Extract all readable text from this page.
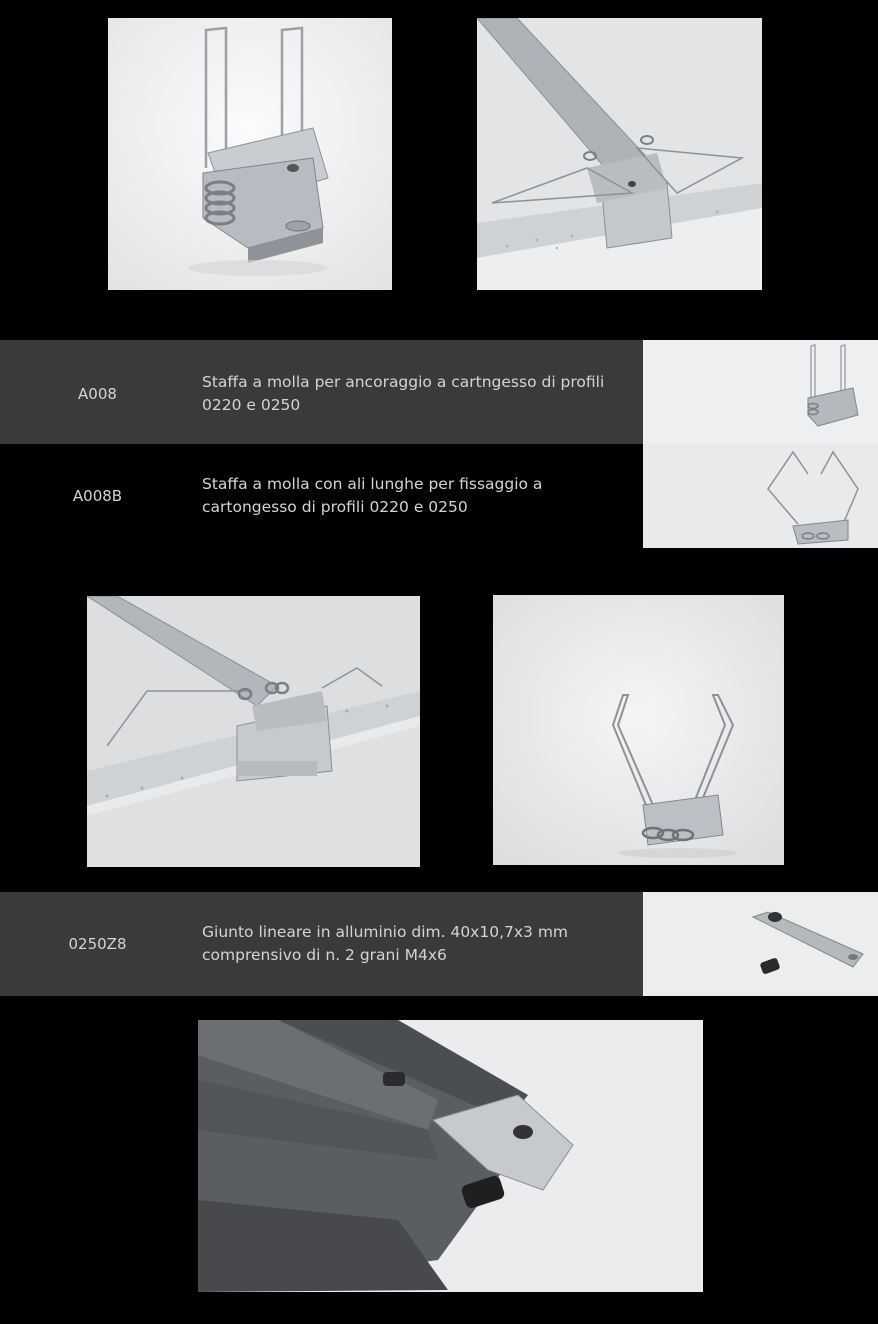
A008
Staffa a molla per ancoraggio a cartngesso di profili 0220 e 0250
A008B
Staffa a molla con ali lunghe per fissaggio a cartongesso di profili 0220 e 0250
0250Z8
Giunto lineare in alluminio dim. 40x10,7x3 mm comprensivo di n. 2 grani M4x6
